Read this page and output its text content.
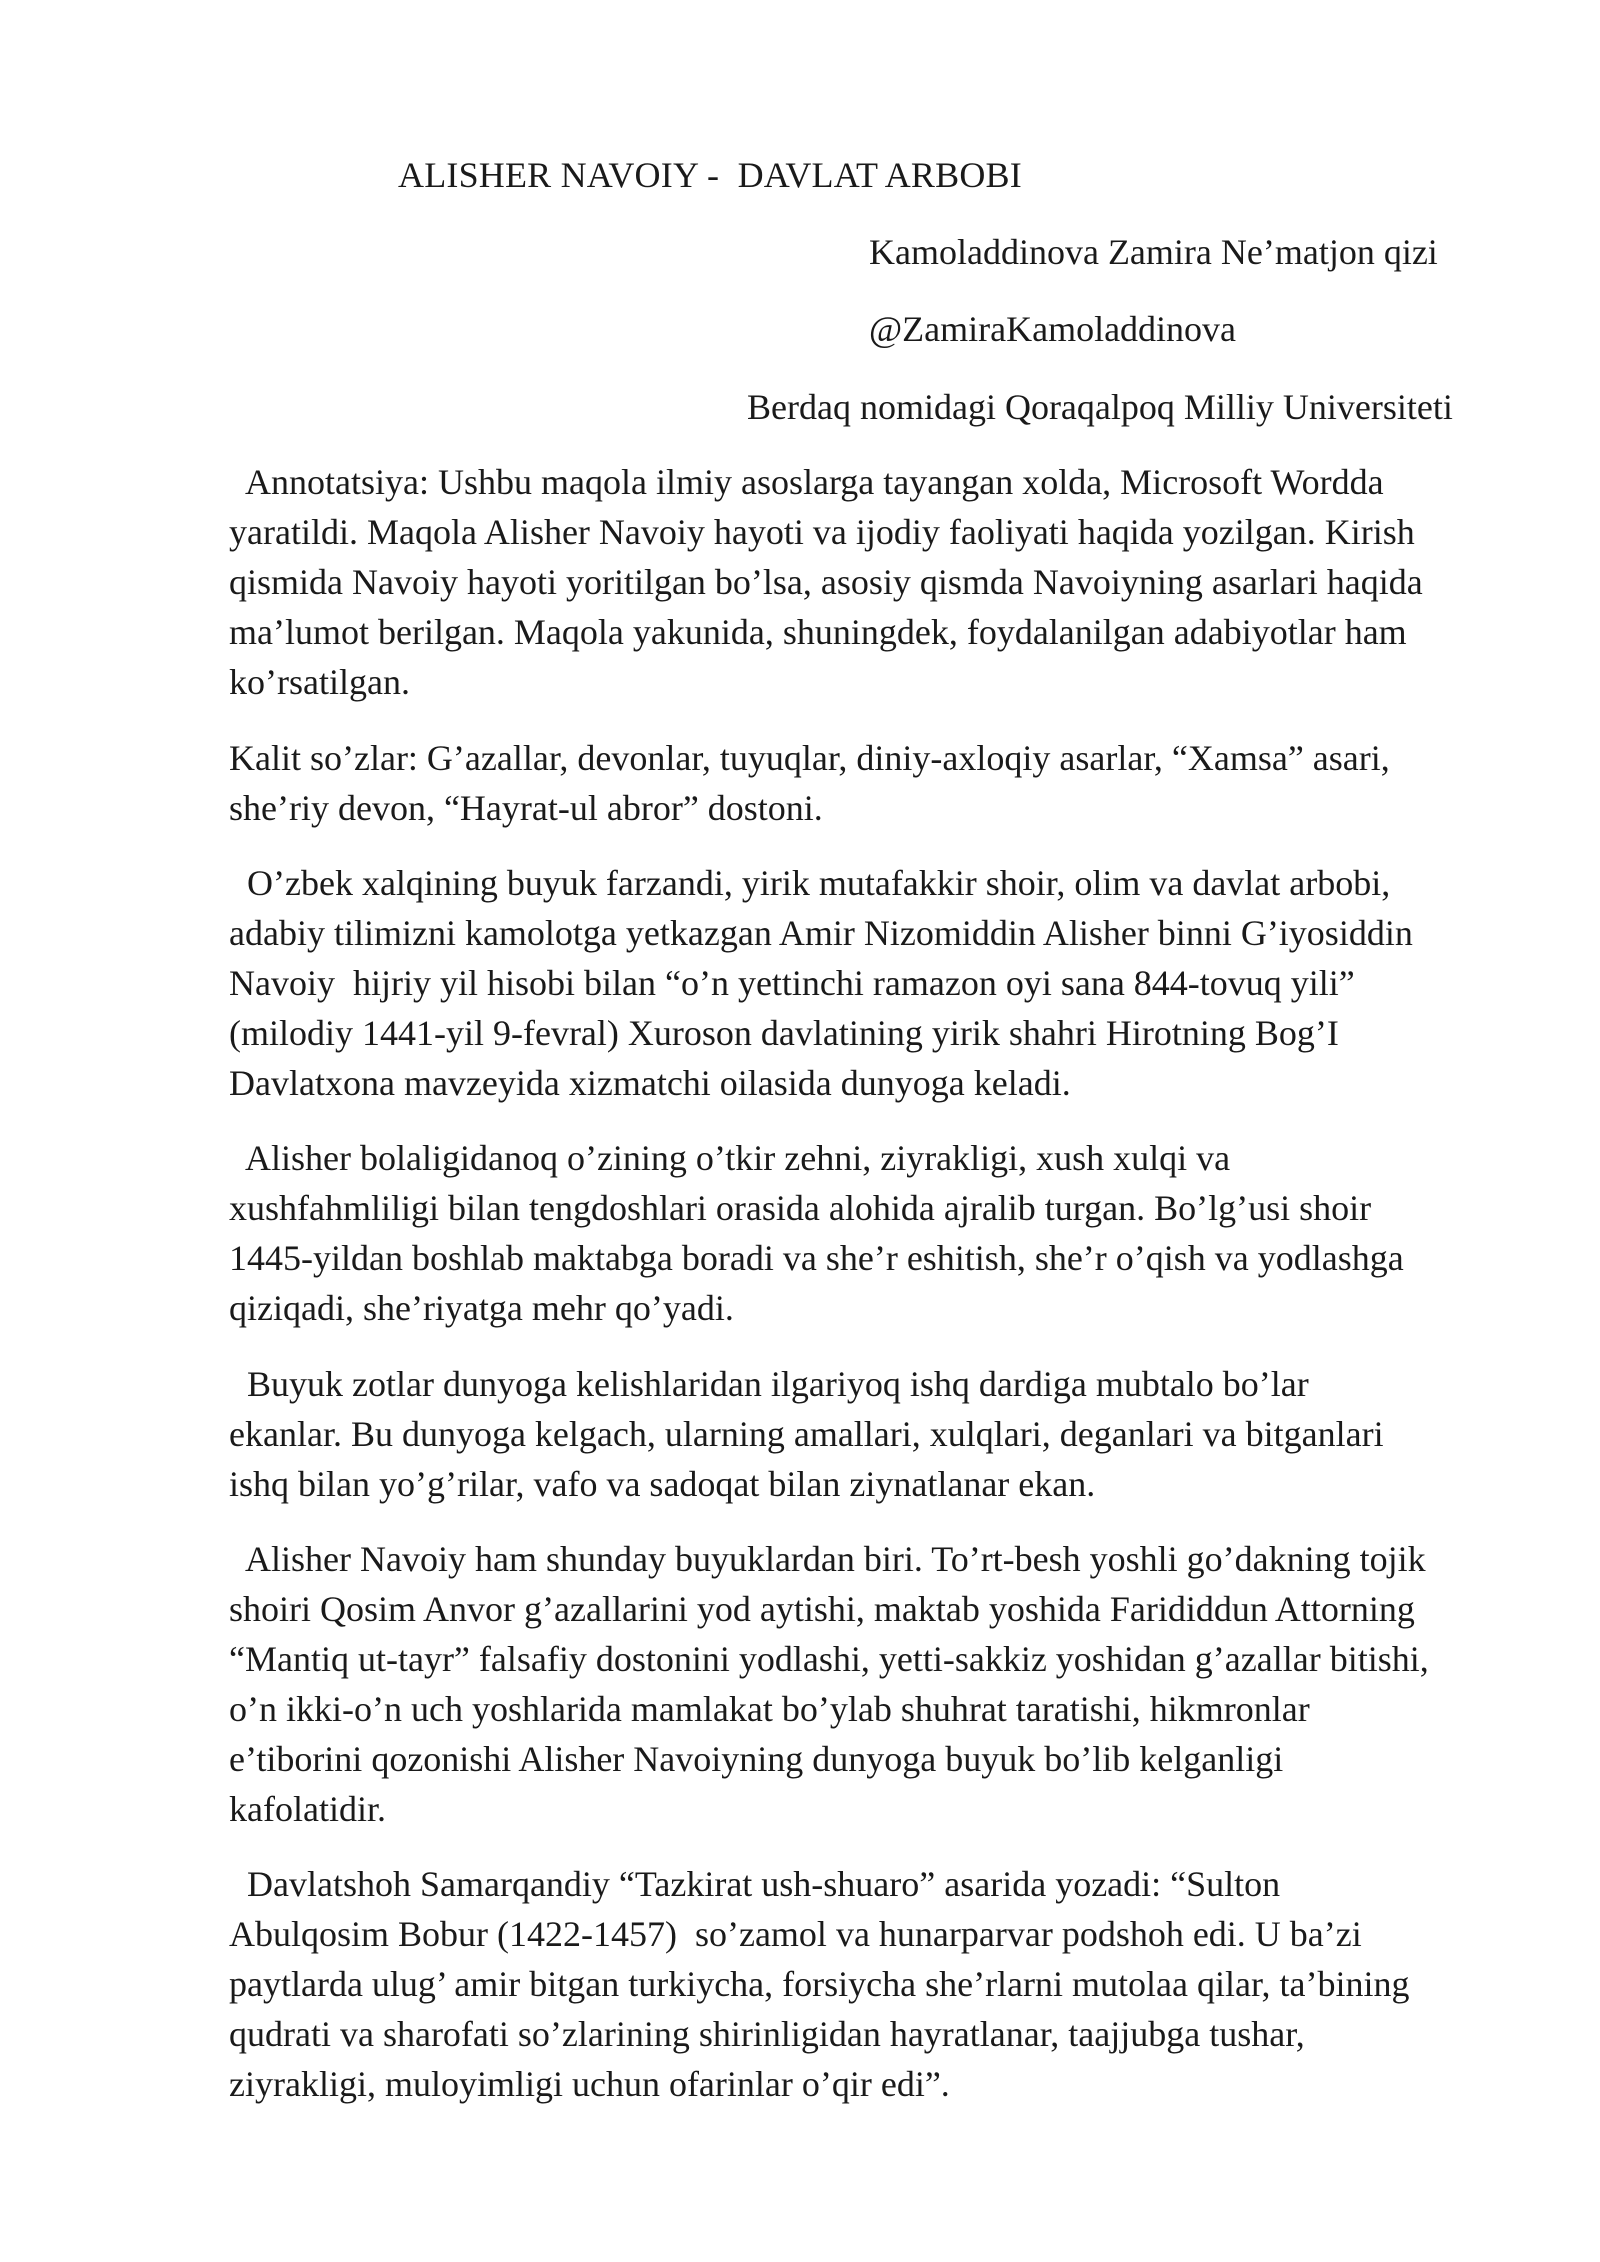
ALISHER NAVOIY -  DAVLAT ARBOBI
Kamoladdinova Zamira Ne’matjon qizi
@ZamiraKamoladdinova
Berdaq nomidagi Qoraqalpoq Milliy Universiteti

Annotatsiya: Ushbu maqola ilmiy asoslarga tayangan xolda, Microsoft Wordda
yaratildi. Maqola Alisher Navoiy hayoti va ijodiy faoliyati haqida yozilgan. Kirish
qismida Navoiy hayoti yoritilgan bo’lsa, asosiy qismda Navoiyning asarlari haqida
ma’lumot berilgan. Maqola yakunida, shuningdek, foydalanilgan adabiyotlar ham
ko’rsatilgan.

Kalit so’zlar: G’azallar, devonlar, tuyuqlar, diniy-axloqiy asarlar, “Xamsa” asari,
she’riy devon, “Hayrat-ul abror” dostoni.

O’zbek xalqining buyuk farzandi, yirik mutafakkir shoir, olim va davlat arbobi,
adabiy tilimizni kamolotga yetkazgan Amir Nizomiddin Alisher binni G’iyosiddin
Navoiy  hijriy yil hisobi bilan “o’n yettinchi ramazon oyi sana 844-tovuq yili”
(milodiy 1441-yil 9-fevral) Xuroson davlatining yirik shahri Hirotning Bog’I
Davlatxona mavzeyida xizmatchi oilasida dunyoga keladi.

Alisher bolaligidanoq o’zining o’tkir zehni, ziyrakligi, xush xulqi va
xushfahmliligi bilan tengdoshlari orasida alohida ajralib turgan. Bo’lg’usi shoir
1445-yildan boshlab maktabga boradi va she’r eshitish, she’r o’qish va yodlashga
qiziqadi, she’riyatga mehr qo’yadi.

Buyuk zotlar dunyoga kelishlaridan ilgariyoq ishq dardiga mubtalo bo’lar
ekanlar. Bu dunyoga kelgach, ularning amallari, xulqlari, deganlari va bitganlari
ishq bilan yo’g’rilar, vafo va sadoqat bilan ziynatlanar ekan.

Alisher Navoiy ham shunday buyuklardan biri. To’rt-besh yoshli go’dakning tojik
shoiri Qosim Anvor g’azallarini yod aytishi, maktab yoshida Farididdun Attorning
“Mantiq ut-tayr” falsafiy dostonini yodlashi, yetti-sakkiz yoshidan g’azallar bitishi,
o’n ikki-o’n uch yoshlarida mamlakat bo’ylab shuhrat taratishi, hikmronlar
e’tiborini qozonishi Alisher Navoiyning dunyoga buyuk bo’lib kelganligi
kafolatidir.

Davlatshoh Samarqandiy “Tazkirat ush-shuaro” asarida yozadi: “Sulton
Abulqosim Bobur (1422-1457)  so’zamol va hunarparvar podshoh edi. U ba’zi
paytlarda ulug’ amir bitgan turkiycha, forsiycha she’rlarni mutolaa qilar, ta’bining
qudrati va sharofati so’zlarining shirinligidan hayratlanar, taajjubga tushar,
ziyrakligi, muloyimligi uchun ofarinlar o’qir edi”.
